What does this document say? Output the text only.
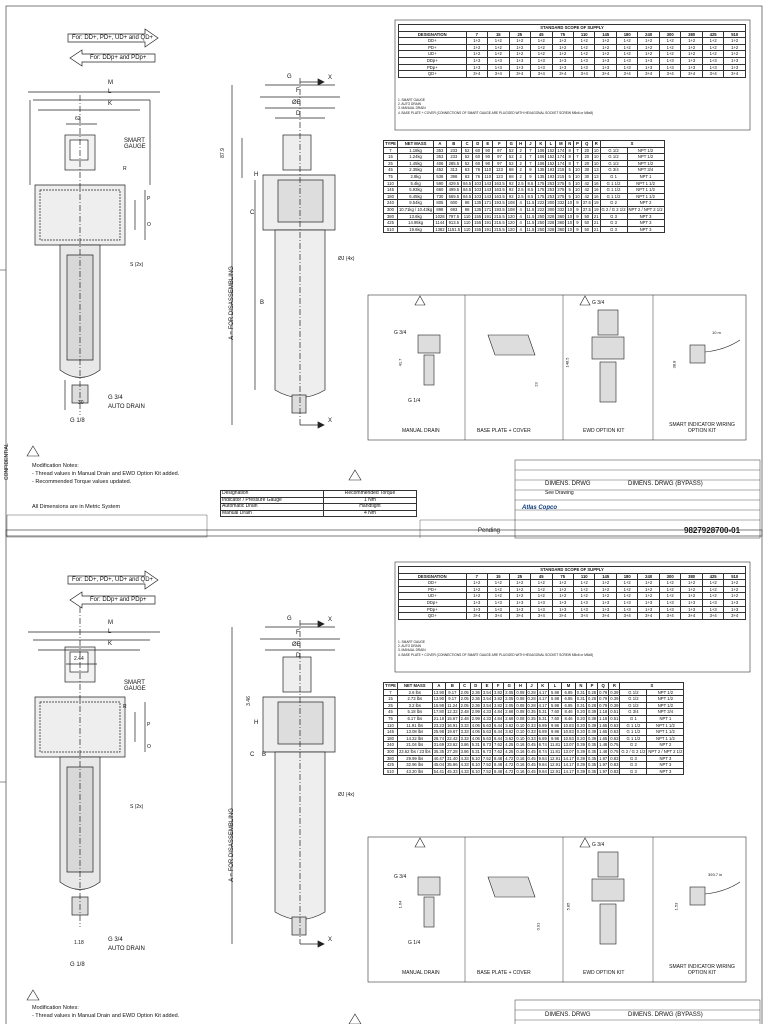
For: DD+, PD+, UD+ and QD+
For: DDp+ and PDp+
M
L
K
62
SMART GAUGE
R
P
O
S (2x)
30
G 3/4
AUTO DRAIN
G 1/8
G	X
F
ØE
D
87.9
H
C
B
ØJ (4x)
A = FOR DISASSEMBLING
X
STANDARD SCOPE OF SUPPLY													
DESIGNATION	7	15	25	45	75	110	145	180	240	300	380	425	510
DD+	1+2	1+2	1+2	1+2	1+2	1+2	1+2	1+2	1+2	1+2	1+2	1+2	1+2
PD+	1+2	1+2	1+2	1+2	1+2	1+2	1+2	1+2	1+2	1+2	1+2	1+2	1+2
UD+	1+2	1+2	1+2	1+2	1+2	1+2	1+2	1+2	1+2	1+2	1+2	1+2	1+2
DDp+	1+3	1+3	1+3	1+3	1+3	1+3	1+3	1+3	1+3	1+3	1+3	1+3	1+3
PDp+	1+3	1+3	1+3	1+3	1+3	1+3	1+3	1+3	1+3	1+3	1+3	1+3	1+3
QD+	3+4	3+4	3+4	3+4	3+4	3+4	3+4	3+4	3+4	3+4	3+4	3+4	3+4
1. SMART GAUGE
2. AUTO DRAIN
3. MANUAL DRAIN
4. BASE PLATE + COVER (CONNECTIONS OF SMART GAUGE ARE PLUGGED WITH HEXAGONAL SOCKET SCREW M5x6 or M6x8)
TYPE	NET MASS	A	B	C	D	E	F	G	H	J	K	L	M	N	P	Q	R	S	
7	1.18kg	353	233	52	60	90	97	52	2	7	106	152	174	8	7	20	10	G 1/2	NPT 1/2
15	1.24kg	353	233	52	60	90	97	52	2	7	106	152	174	8	7	20	10	G 1/2	NPT 1/2
25	1.45kg	406	285.5	52	60	90	97	52	2	7	106	152	174	8	7	20	10	G 1/2	NPT 1/2
45	2.35kg	452	313	63	76	110	123	68	2	9	135	193	215	5	10	30	13	G 3/4	NPT 3/4
75	2.8kg	538	398	63	76	110	123	68	2	9	135	193	215	5	10	30	13	G 1	NPT 1
110	5.4kg	590	429.5	84.5	103	143	163.5	92	2.5	8.5	175	253	275	5	10	42	16	G 1 1/2	NPT 1 1/2
145	5.93kg	660	499.5	84.5	103	143	163.5	92	2.5	8.5	175	253	275	5	10	42	16	G 1 1/2	NPT 1 1/2
180	6.45kg	730	569.5	84.5	103	143	163.5	92	2.5	8.5	175	253	275	5	10	42	16	G 1 1/2	NPT 1 1/2
240	9.54kg	805	600	98	135	171	193.5	108	4	11.5	222	300	332	10	9	37.5	19	G 2	NPT 2
300	10.71kg / 10.43kg	898	693	98	135	171	193.5	108	4	11.5	222	300	332	10	9	37.5	19	G 2 / G 2 1/2	NPT 2 / NPT 2 1/2
380	13.6kg	1028	797.5	110	155	191	215.5	120	4	11.5	250	328	360	10	9	50	21	G 3	NPT 3
425	14.95kg	1144	913.5	110	155	191	215.5	120	4	11.5	250	328	360	10	9	50	21	G 3	NPT 3
510	19.6kg	1382	1151.5	110	155	191	215.5	120	4	11.5	250	328	360	10	9	50	21	G 3	NPT 3
G 3/4
G 1/4
41.7
23
G 3/4
148.5	38.8
10 m
MANUAL DRAIN	BASE PLATE + COVER	EWD OPTION KIT
SMART INDICATOR WIRING OPTION KIT
Modification Notes:
- Thread values in Manual Drain and EWD Option Kit added.
- Recommended Torque values updated.
All Dimensions are in Metric System
CONFIDENTIAL
Designation	Recommended Torque
Indicator / Pressure Gauge	1 Nm
Automatic Drain	Handtight
Manual Drain	4 Nm
DIMENS. DRWG	DIMENS. DRWG (BYPASS)
See Drawing
Atlas Copco
Pending	9827928700-01
For: DD+, PD+, UD+ and QD+
For: DDp+ and PDp+
M
L
K
2.44
SMART GAUGE
R
P
O
S (2x)
1.18	G 3/4
AUTO DRAIN
G 1/8
G	X
F
ØE
D
3.46
H
C B
ØJ (4x)
A = FOR DISASSEMBLING
X
STANDARD SCOPE OF SUPPLY													
DESIGNATION	7	15	25	45	75	110	145	180	240	300	380	425	510
DD+	1+2	1+2	1+2	1+2	1+2	1+2	1+2	1+2	1+2	1+2	1+2	1+2	1+2
PD+	1+2	1+2	1+2	1+2	1+2	1+2	1+2	1+2	1+2	1+2	1+2	1+2	1+2
UD+	1+2	1+2	1+2	1+2	1+2	1+2	1+2	1+2	1+2	1+2	1+2	1+2	1+2
DDp+	1+3	1+3	1+3	1+3	1+3	1+3	1+3	1+3	1+3	1+3	1+3	1+3	1+3
PDp+	1+3	1+3	1+3	1+3	1+3	1+3	1+3	1+3	1+3	1+3	1+3	1+3	1+3
QD+	3+4	3+4	3+4	3+4	3+4	3+4	3+4	3+4	3+4	3+4	3+4	3+4	3+4
1. SMART GAUGE
2. AUTO DRAIN
3. MANUAL DRAIN
4. BASE PLATE + COVER (CONNECTIONS OF SMART GAUGE ARE PLUGGED WITH HEXAGONAL SOCKET SCREW M5x6 or M6x8)
TYPE	NET MASS	A	B	C	D	E	F	G	H	J	K	L	M	N	P	Q	R	S	
7	2.6 lbs	13.90	9.17	2.05	2.36	3.54	3.82	2.05	0.08	0.28	4.17	5.98	6.85	0.31	0.28	0.79	0.39	G 1/2	NPT 1/2
15	2.73 lbs	13.90	9.17	2.05	2.36	3.54	3.82	2.05	0.08	0.28	4.17	5.98	6.85	0.31	0.28	0.79	0.39	G 1/2	NPT 1/2
25	3.2 lbs	15.98	11.24	2.05	2.36	3.54	3.82	2.05	0.08	0.28	4.17	5.98	6.85	0.31	0.28	0.79	0.39	G 1/2	NPT 1/2
45	5.18 lbs	17.80	12.32	2.48	2.99	4.33	4.84	2.68	0.08	0.35	5.31	7.60	8.46	0.20	0.39	1.18	0.51	G 3/4	NPT 3/4
75	6.17 lbs	21.18	15.67	2.48	2.99	4.33	4.84	2.68	0.08	0.35	5.31	7.60	8.46	0.20	0.39	1.18	0.51	G 1	NPT 1
110	11.91 lbs	23.23	16.91	3.33	4.06	5.63	6.44	3.62	0.10	0.33	6.89	9.96	10.83	0.20	0.39	1.65	0.63	G 1 1/2	NPT 1 1/2
145	13.08 lbs	25.98	19.67	3.33	4.06	5.63	6.44	3.62	0.10	0.33	6.89	9.96	10.83	0.20	0.39	1.65	0.63	G 1 1/2	NPT 1 1/2
180	14.22 lbs	28.74	22.42	3.33	4.06	5.63	6.44	3.62	0.10	0.33	6.89	9.96	10.83	0.20	0.39	1.65	0.63	G 1 1/2	NPT 1 1/2
240	21.04 lbs	31.69	23.62	3.86	5.31	6.73	7.62	4.25	0.16	0.45	8.74	11.81	13.07	0.39	0.35	1.48	0.75	G 2	NPT 2
300	23.62 lbs / 23 lbs	35.35	27.28	3.86	5.31	6.73	7.62	4.25	0.16	0.45	8.74	11.81	13.07	0.39	0.35	1.48	0.75	G 2 / G 2 1/2	NPT 2 / NPT 2 1/2
380	29.99 lbs	40.47	31.40	4.33	6.10	7.52	8.48	4.72	0.16	0.45	9.84	12.91	14.17	0.39	0.35	1.97	0.83	G 3	NPT 3
425	32.96 lbs	45.04	35.96	4.33	6.10	7.52	8.48	4.72	0.16	0.45	9.84	12.91	14.17	0.39	0.35	1.97	0.83	G 3	NPT 3
510	43.20 lbs	54.41	45.33	4.33	6.10	7.52	8.48	4.72	0.16	0.45	9.84	12.91	14.17	0.39	0.35	1.97	0.83	G 3	NPT 3
G 3/4
G 1/4
1.64
0.91
G 3/4
5.85	1.53
393.7 in
MANUAL DRAIN	BASE PLATE + COVER	EWD OPTION KIT
SMART INDICATOR WIRING OPTION KIT
Modification Notes:
- Thread values in Manual Drain and EWD Option Kit added.	DIMENS. DRWG	DIMENS. DRWG (BYPASS)
